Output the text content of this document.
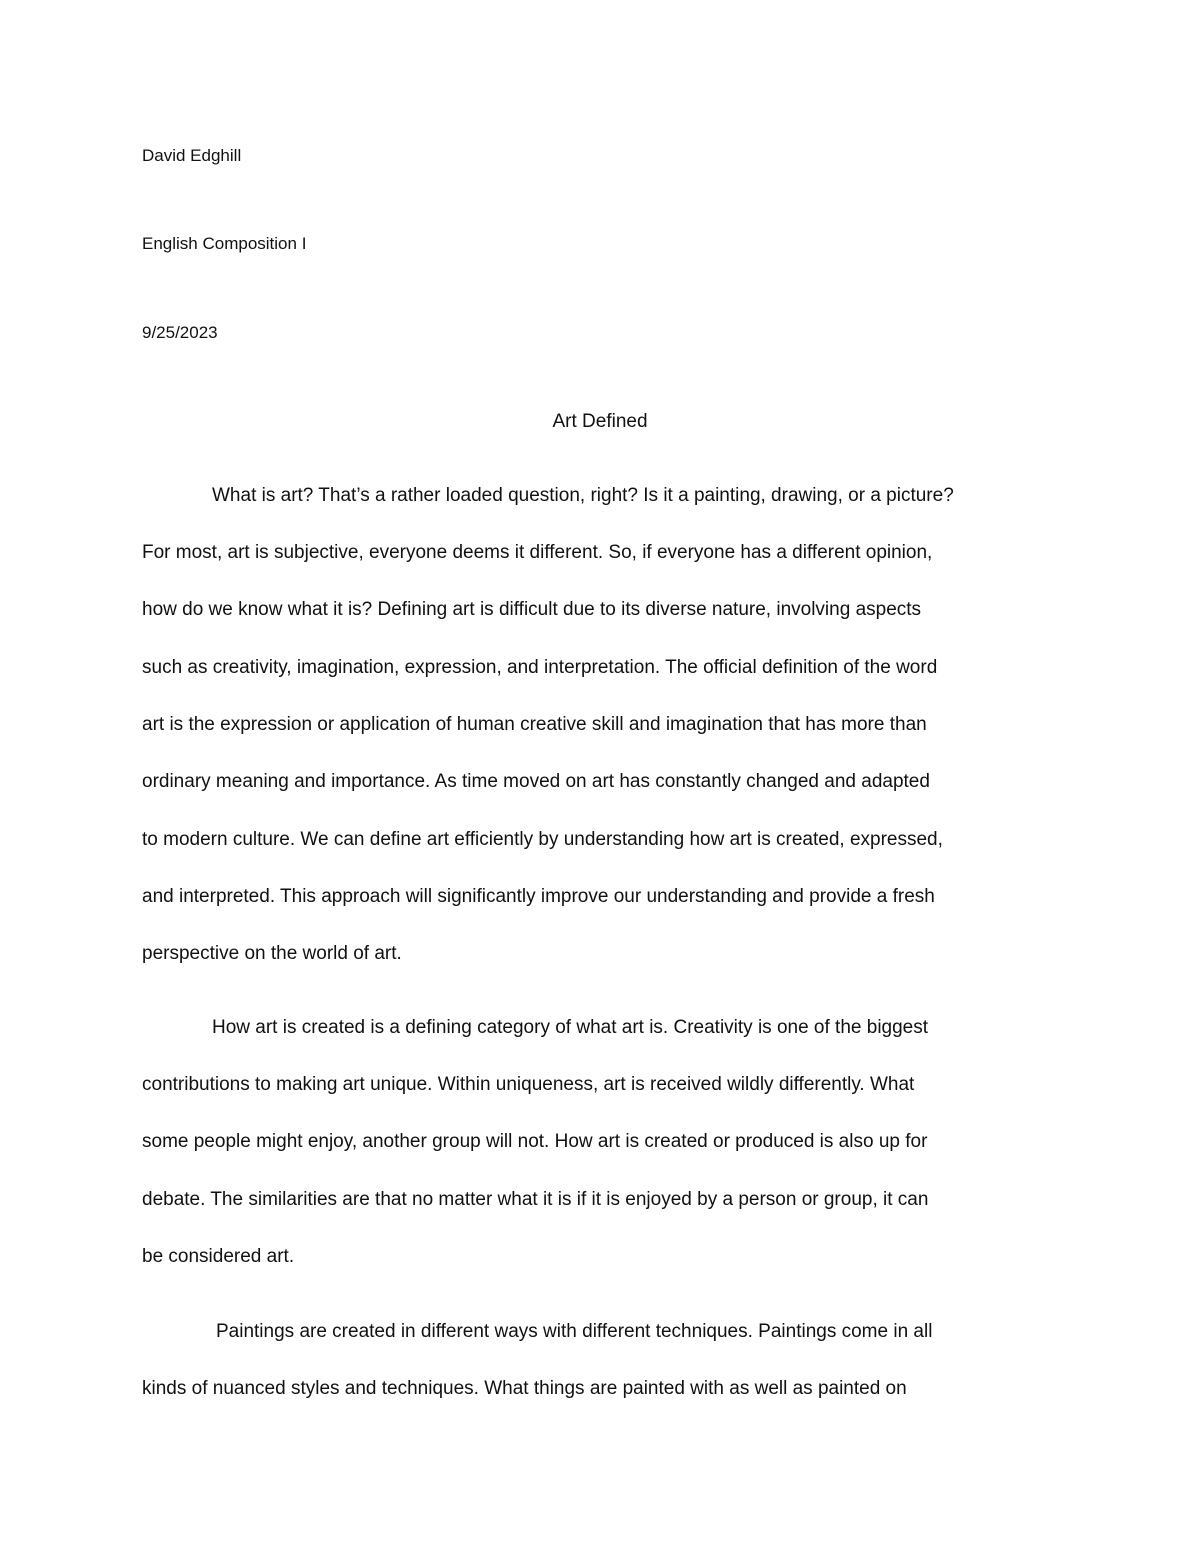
David Edghill
English Composition I
9/25/2023
Art Defined
What is art? That’s a rather loaded question, right? Is it a painting, drawing, or a picture?
For most, art is subjective, everyone deems it different. So, if everyone has a different opinion,
how do we know what it is? Defining art is difficult due to its diverse nature, involving aspects
such as creativity, imagination, expression, and interpretation. The official definition of the word
art is the expression or application of human creative skill and imagination that has more than
ordinary meaning and importance. As time moved on art has constantly changed and adapted
to modern culture. We can define art efficiently by understanding how art is created, expressed,
and interpreted. This approach will significantly improve our understanding and provide a fresh
perspective on the world of art.
How art is created is a defining category of what art is. Creativity is one of the biggest
contributions to making art unique. Within uniqueness, art is received wildly differently. What
some people might enjoy, another group will not. How art is created or produced is also up for
debate. The similarities are that no matter what it is if it is enjoyed by a person or group, it can
be considered art.
Paintings are created in different ways with different techniques. Paintings come in all
kinds of nuanced styles and techniques. What things are painted with as well as painted on
